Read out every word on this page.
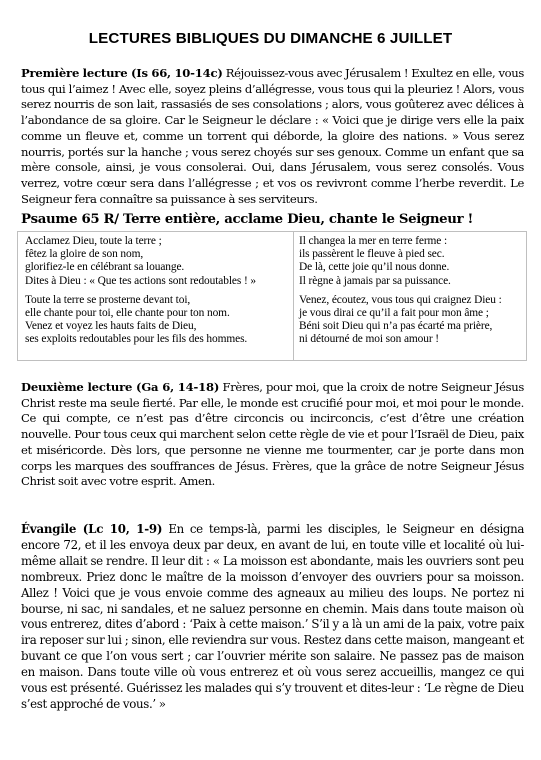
LECTURES BIBLIQUES DU DIMANCHE 6 JUILLET
Première lecture (Is 66, 10-14c) Réjouissez-vous avec Jérusalem ! Exultez en elle, vous tous qui l’aimez ! Avec elle, soyez pleins d’allégresse, vous tous qui la pleuriez ! Alors, vous serez nourris de son lait, rassasiés de ses consolations ; alors, vous goûterez avec délices à l’abondance de sa gloire. Car le Seigneur le déclare : « Voici que je dirige vers elle la paix comme un fleuve et, comme un torrent qui déborde, la gloire des nations. » Vous serez nourris, portés sur la hanche ; vous serez choyés sur ses genoux. Comme un enfant que sa mère console, ainsi, je vous consolerai. Oui, dans Jérusalem, vous serez consolés. Vous verrez, votre cœur sera dans l’allégresse ; et vos os revivront comme l’herbe reverdit. Le Seigneur fera connaître sa puissance à ses serviteurs.
Psaume 65 R/ Terre entière, acclame Dieu, chante le Seigneur !
Acclamez Dieu, toute la terre ;
fêtez la gloire de son nom,
glorifiez-le en célébrant sa louange.
Dites à Dieu : « Que tes actions sont redoutables ! »
Toute la terre se prosterne devant toi,
elle chante pour toi, elle chante pour ton nom.
Venez et voyez les hauts faits de Dieu,
ses exploits redoutables pour les fils des hommes.
Il changea la mer en terre ferme :
ils passèrent le fleuve à pied sec.
De là, cette joie qu’il nous donne.
Il règne à jamais par sa puissance.
Venez, écoutez, vous tous qui craignez Dieu :
je vous dirai ce qu’il a fait pour mon âme ;
Béni soit Dieu qui n’a pas écarté ma prière,
ni détourné de moi son amour !
Deuxième lecture (Ga 6, 14-18) Frères, pour moi, que la croix de notre Seigneur Jésus Christ reste ma seule fierté. Par elle, le monde est crucifié pour moi, et moi pour le monde. Ce qui compte, ce n’est pas d’être circoncis ou incirconcis, c’est d’être une création nouvelle. Pour tous ceux qui marchent selon cette règle de vie et pour l’Israël de Dieu, paix et miséricorde. Dès lors, que personne ne vienne me tourmenter, car je porte dans mon corps les marques des souffrances de Jésus. Frères, que la grâce de notre Seigneur Jésus Christ soit avec votre esprit. Amen.
Évangile (Lc 10, 1-9) En ce temps-là, parmi les disciples, le Seigneur en désigna encore 72, et il les envoya deux par deux, en avant de lui, en toute ville et localité où lui-même allait se rendre. Il leur dit : « La moisson est abondante, mais les ouvriers sont peu nombreux. Priez donc le maître de la moisson d’envoyer des ouvriers pour sa moisson. Allez ! Voici que je vous envoie comme des agneaux au milieu des loups. Ne portez ni bourse, ni sac, ni sandales, et ne saluez personne en chemin. Mais dans toute maison où vous entrerez, dites d’abord : ‘Paix à cette maison.’ S’il y a là un ami de la paix, votre paix ira reposer sur lui ; sinon, elle reviendra sur vous. Restez dans cette maison, mangeant et buvant ce que l’on vous sert ; car l’ouvrier mérite son salaire. Ne passez pas de maison en maison. Dans toute ville où vous entrerez et où vous serez accueillis, mangez ce qui vous est présenté. Guérissez les malades qui s’y trouvent et dites-leur : ‘Le règne de Dieu s’est approché de vous.’ »
